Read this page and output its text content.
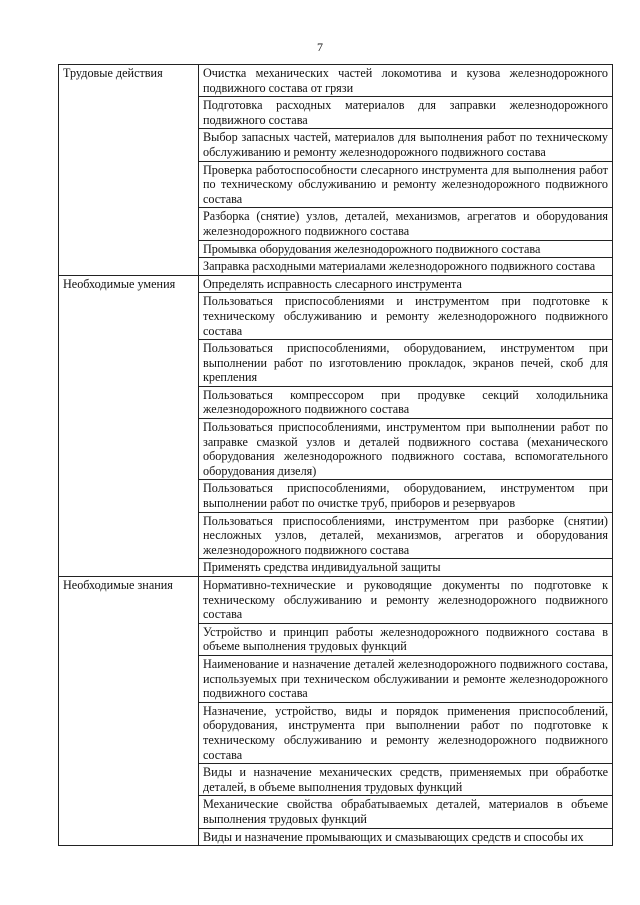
7
Трудовые действия	Очистка механических частей локомотива и кузова железнодорожного подвижного состава от грязи
	Подготовка расходных материалов для заправки железнодорожного подвижного состава
	Выбор запасных частей, материалов для выполнения работ по техническому обслуживанию и ремонту железнодорожного подвижного состава
	Проверка работоспособности слесарного инструмента для выполнения работ по техническому обслуживанию и ремонту железнодорожного подвижного состава
	Разборка (снятие) узлов, деталей, механизмов, агрегатов и оборудования железнодорожного подвижного состава
	Промывка оборудования железнодорожного подвижного состава
	Заправка расходными материалами железнодорожного подвижного состава
Необходимые умения	Определять исправность слесарного инструмента
	Пользоваться приспособлениями и инструментом при подготовке к техническому обслуживанию и ремонту железнодорожного подвижного состава
	Пользоваться приспособлениями, оборудованием, инструментом при выполнении работ по изготовлению прокладок, экранов печей, скоб для крепления
	Пользоваться компрессором при продувке секций холодильника железнодорожного подвижного состава
	Пользоваться приспособлениями, инструментом при выполнении работ по заправке смазкой узлов и деталей подвижного состава (механического оборудования железнодорожного подвижного состава, вспомогательного оборудования дизеля)
	Пользоваться приспособлениями, оборудованием, инструментом при выполнении работ по очистке труб, приборов и резервуаров
	Пользоваться приспособлениями, инструментом при разборке (снятии) несложных узлов, деталей, механизмов, агрегатов и оборудования железнодорожного подвижного состава
	Применять средства индивидуальной защиты
Необходимые знания	Нормативно-технические и руководящие документы по подготовке к техническому обслуживанию и ремонту железнодорожного подвижного состава
	Устройство и принцип работы железнодорожного подвижного состава в объеме выполнения трудовых функций
	Наименование и назначение деталей железнодорожного подвижного состава, используемых при техническом обслуживании и ремонте железнодорожного подвижного состава
	Назначение, устройство, виды и порядок применения приспособлений, оборудования, инструмента при выполнении работ по подготовке к техническому обслуживанию и ремонту железнодорожного подвижного состава
	Виды и назначение механических средств, применяемых при обработке деталей, в объеме выполнения трудовых функций
	Механические свойства обрабатываемых деталей, материалов в объеме выполнения трудовых функций
	Виды и назначение промывающих и смазывающих средств и способы их
